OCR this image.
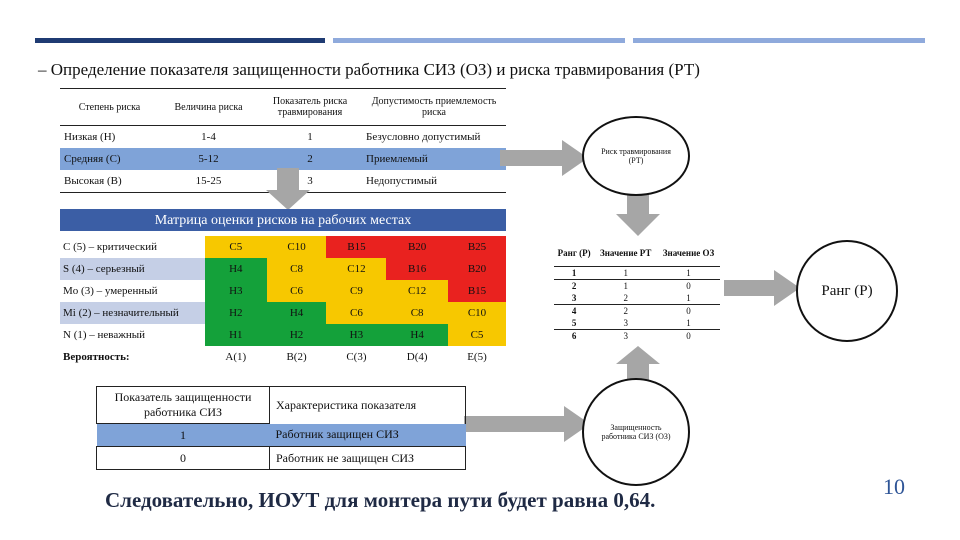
– Определение показателя защищенности работника СИЗ (ОЗ) и риска травмирования (РТ)
Степень риска	Величина риска	Показатель риска травмирования	Допустимость приемлемость риска
Низкая (Н)	1-4	1	Безусловно допустимый
Средняя (С)	5-12	2	Приемлемый
Высокая (В)	15-25	3	Недопустимый
Риск травмирования (РТ)
Ранг (Р)
Защищенность работника СИЗ (ОЗ)
Матрица оценки рисков на рабочих местах
С (5) – критический	С5	С10	В15	В20	В25
S (4) – серьезный	Н4	С8	С12	В16	В20
Mo (3) – умеренный	Н3	С6	С9	С12	В15
Mi (2) – незначительный	Н2	Н4	С6	С8	С10
N (1) – неважный	Н1	Н2	Н3	Н4	С5
Вероятность:	А(1)	В(2)	С(3)	D(4)	Е(5)
Ранг (Р)	Значение РТ	Значение ОЗ
1	1	1
2	1	0
3	2	1
4	2	0
5	3	1
6	3	0
Показатель защищенности работника СИЗ	Характеристика показателя
1	Работник защищен СИЗ
0	Работник не защищен СИЗ
Следовательно, ИОУТ для монтера пути будет равна 0,64.
10
